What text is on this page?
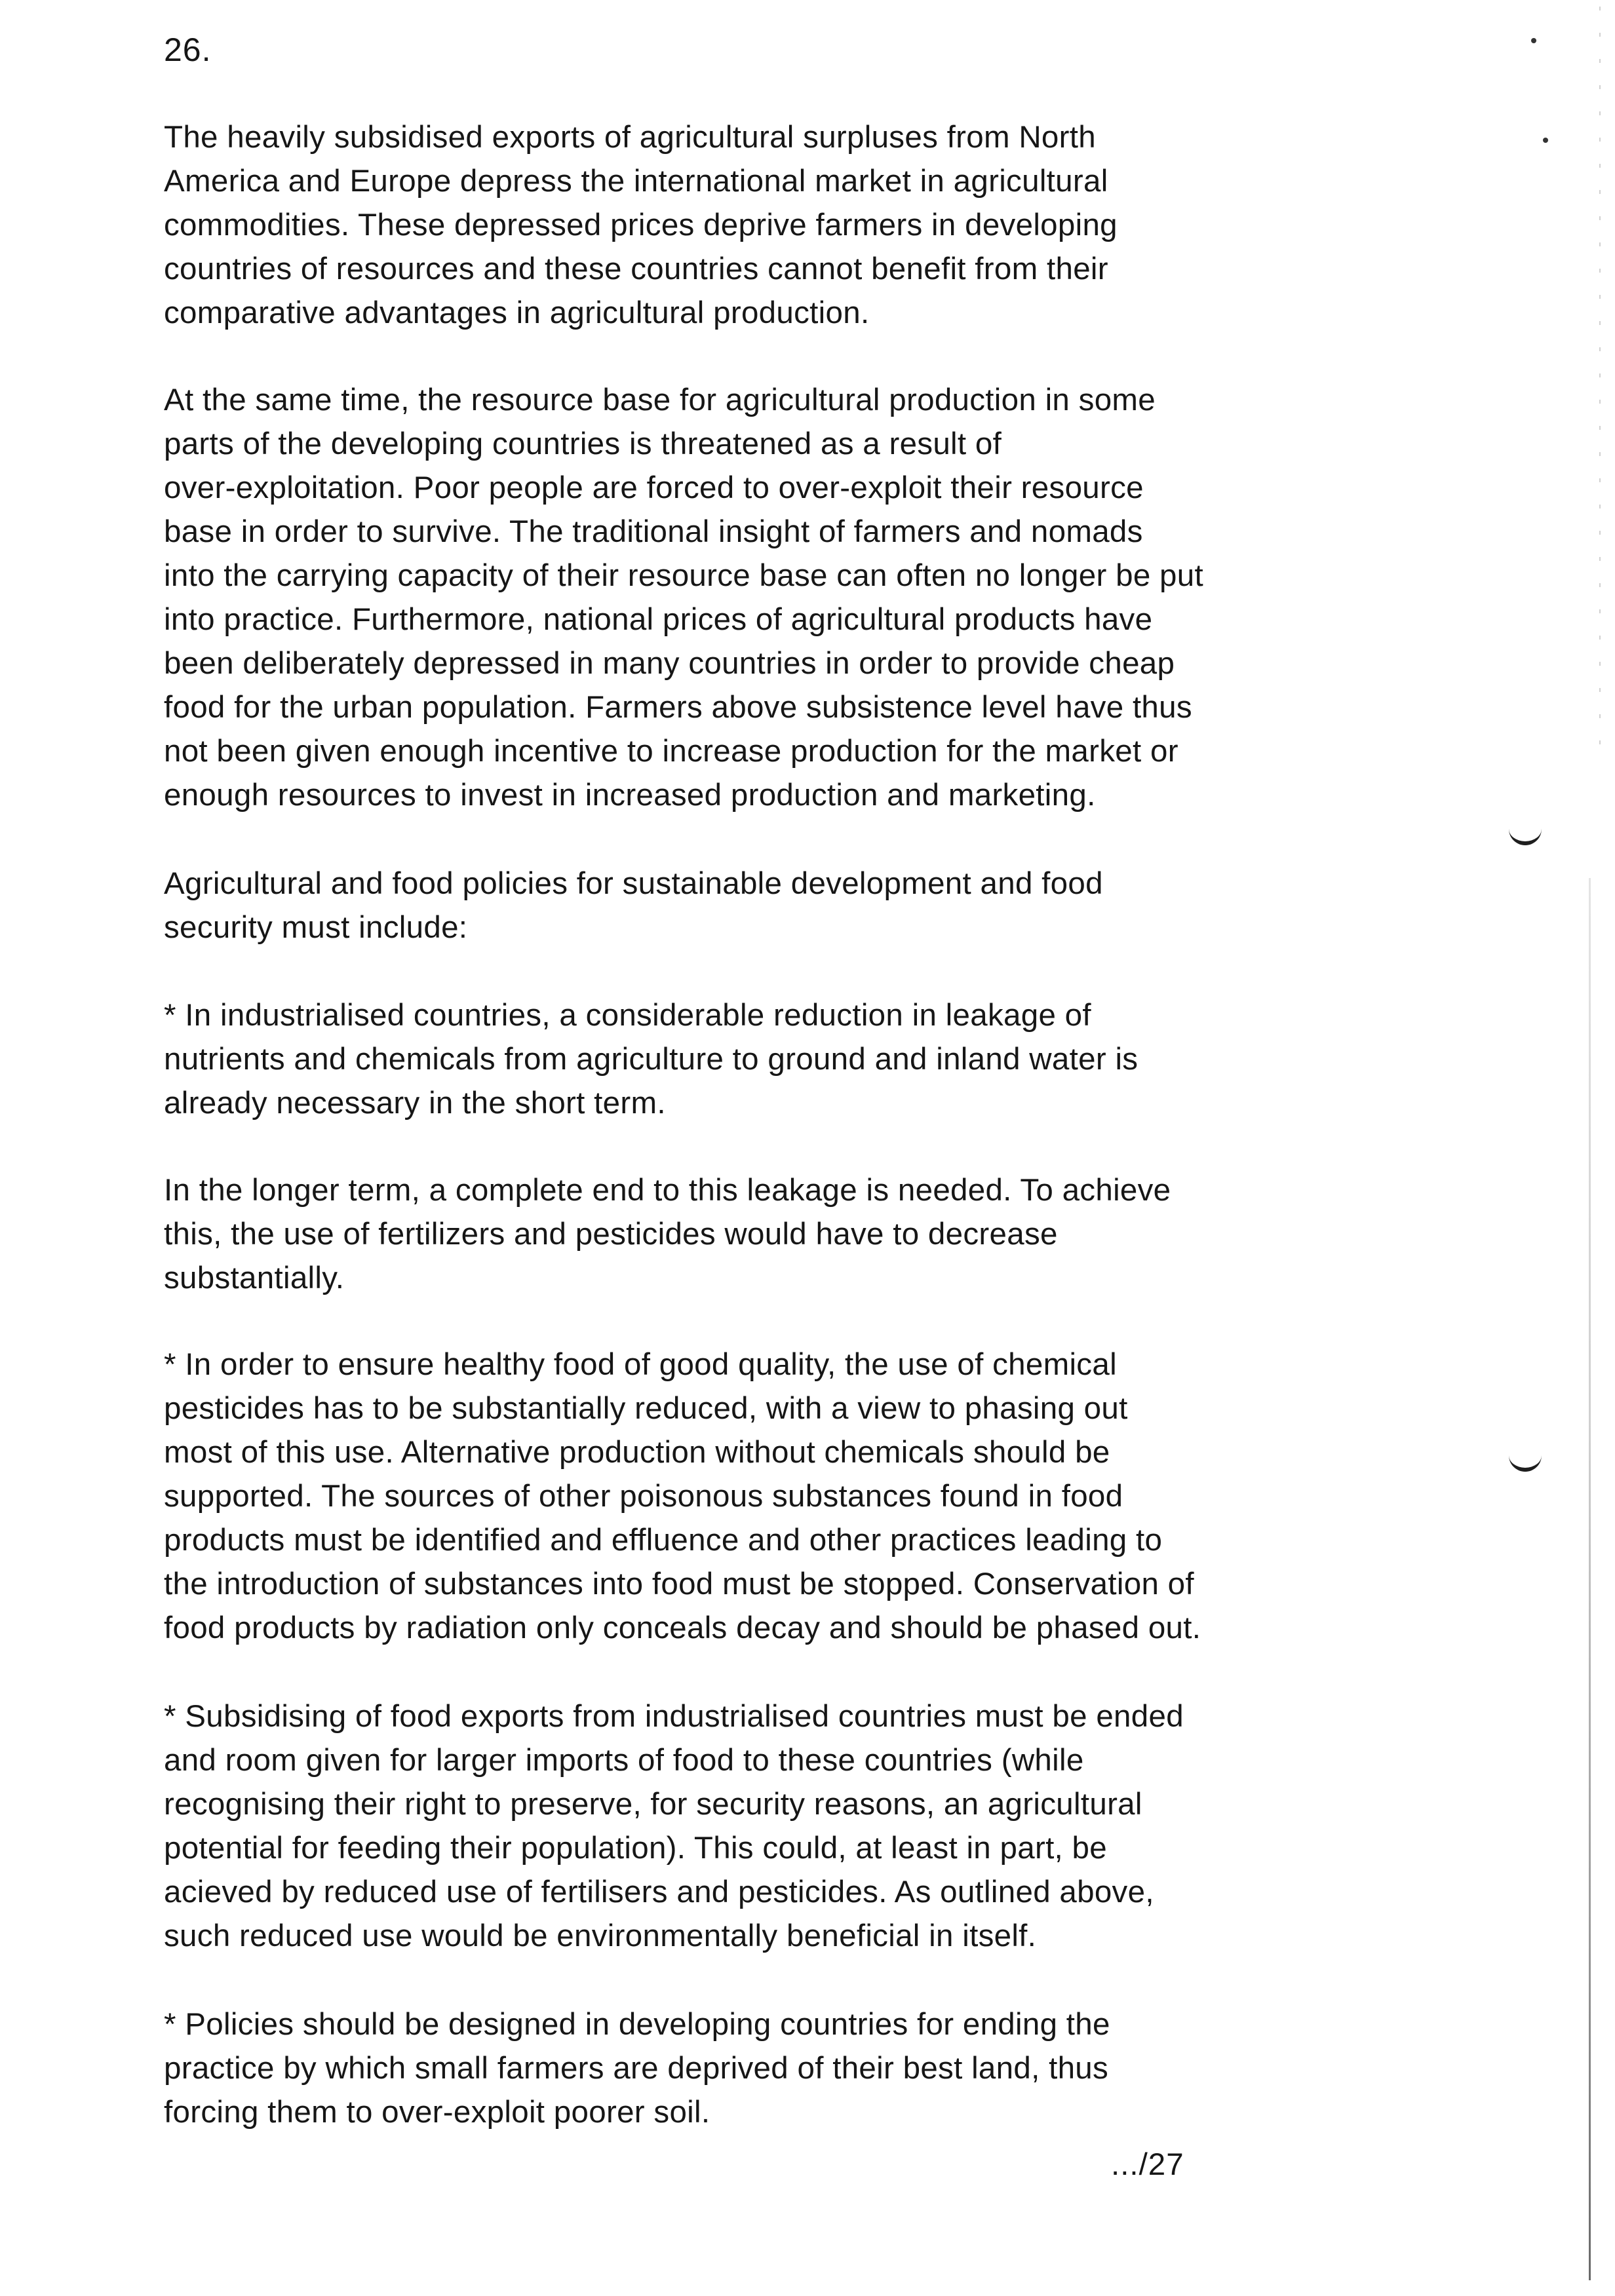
26.

The heavily subsidised exports of agricultural surpluses from North
America and Europe depress the international market in agricultural
commodities. These depressed prices deprive farmers in developing
countries of resources and these countries cannot benefit from their
comparative advantages in agricultural production.

At the same time, the resource base for agricultural production in some
parts of the developing countries is threatened as a result of
over-exploitation. Poor people are forced to over-exploit their resource
base in order to survive. The traditional insight of farmers and nomads
into the carrying capacity of their resource base can often no longer be put
into practice. Furthermore, national prices of agricultural products have
been deliberately depressed in many countries in order to provide cheap
food for the urban population. Farmers above subsistence level have thus
not been given enough incentive to increase production for the market or
enough resources to invest in increased production and marketing.

Agricultural and food policies for sustainable development and food
security must include:

* In industrialised countries, a considerable reduction in leakage of
nutrients and chemicals from agriculture to ground and inland water is
already necessary in the short term.

In the longer term, a complete end to this leakage is needed. To achieve
this, the use of fertilizers and pesticides would have to decrease
substantially.

* In order to ensure healthy food of good quality, the use of chemical
pesticides has to be substantially reduced, with a view to phasing out
most of this use. Alternative production without chemicals should be
supported. The sources of other poisonous substances found in food
products must be identified and effluence and other practices leading to
the introduction of substances into food must be stopped. Conservation of
food products by radiation only conceals decay and should be phased out.

* Subsidising of food exports from industrialised countries must be ended
and room given for larger imports of food to these countries (while
recognising their right to preserve, for security reasons, an agricultural
potential for feeding their population). This could, at least in part, be
acieved by reduced use of fertilisers and pesticides. As outlined above,
such reduced use would be environmentally beneficial in itself.

* Policies should be designed in developing countries for ending the
practice by which small farmers are deprived of their best land, thus
forcing them to over-exploit poorer soil.

.../27
